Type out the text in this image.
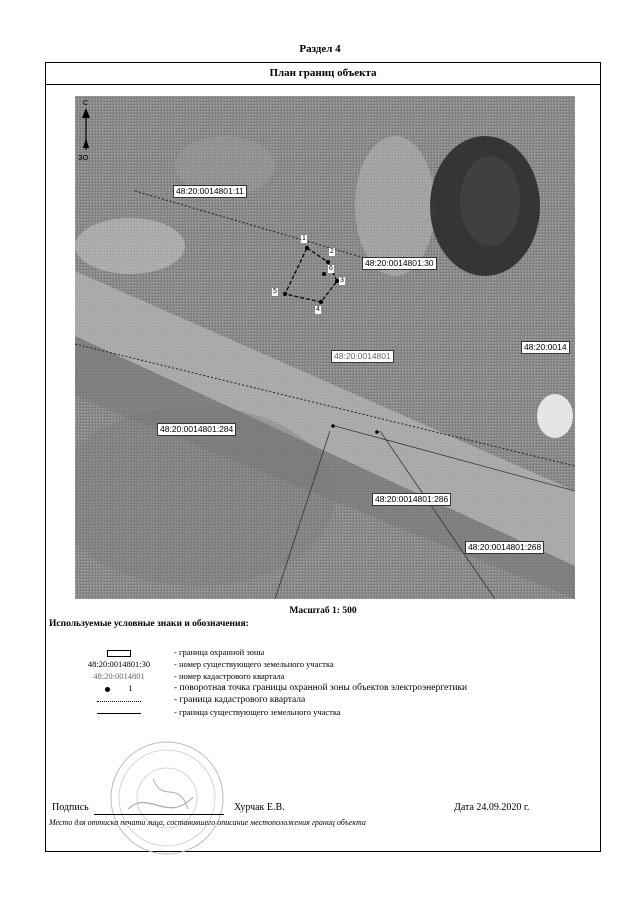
Раздел 4
План границ объекта
С
ЗО
48:20:0014801:11
48:20:0014801:30
48:20:0014801
48:20:0014
48:20:0014801:284
48:20:0014801:286
48:20:0014801:268
1
2
3
4
5
6
Масштаб 1: 500
Используемые условные знаки и обозначения:
- граница охранной зоны
48:20:0014801:30	- номер существующего земельного участка
48:20:0014801	- номер кадастрового квартала
1	- поворотная точка границы охранной зоны объектов электроэнергетики
- граница кадастрового квартала
- граница существующего земельного участка
Подпись	Хурчак Е.В.	Дата 24.09.2020 г.
Место для оттиска печати лица, составившего описание местоположения границ объекта
